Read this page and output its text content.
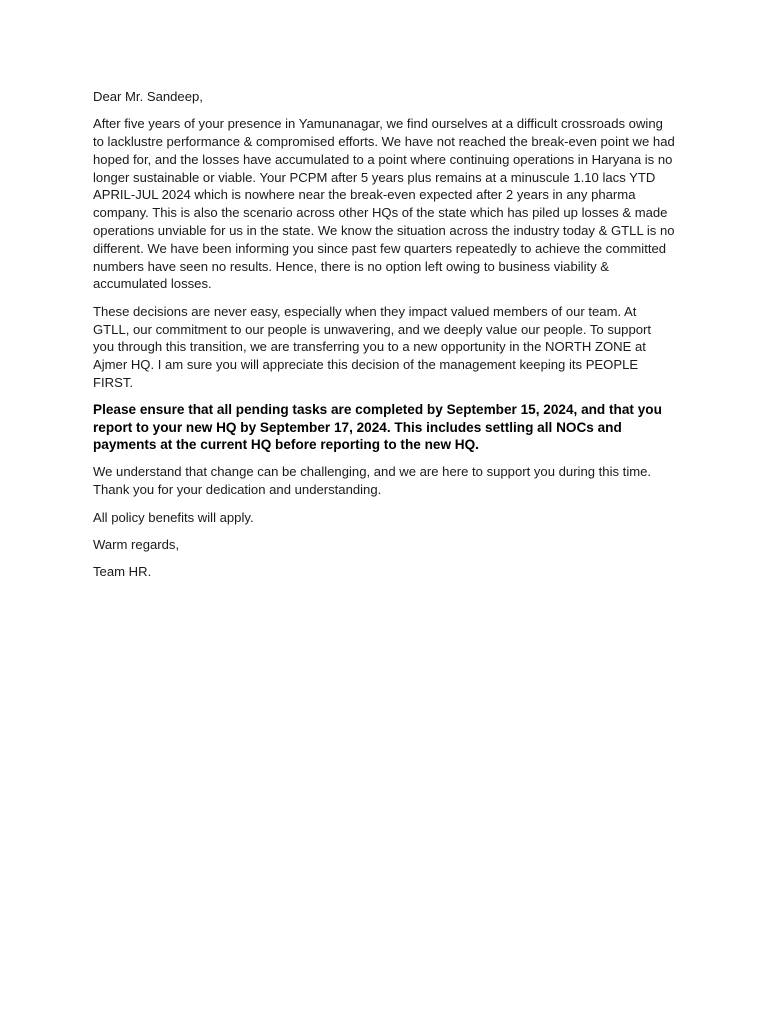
Dear Mr. Sandeep,

After five years of your presence in Yamunanagar, we find ourselves at a difficult crossroads owing to lacklustre performance & compromised efforts. We have not reached the break-even point we had hoped for, and the losses have accumulated to a point where continuing operations in Haryana is no longer sustainable or viable. Your PCPM after 5 years plus remains at a minuscule 1.10 lacs YTD APRIL-JUL 2024 which is nowhere near the break-even expected after 2 years in any pharma company. This is also the scenario across other HQs of the state which has piled up losses & made operations unviable for us in the state. We know the situation across the industry today & GTLL is no different. We have been informing you since past few quarters repeatedly to achieve the committed numbers have seen no results. Hence, there is no option left owing to business viability & accumulated losses.

These decisions are never easy, especially when they impact valued members of our team. At GTLL, our commitment to our people is unwavering, and we deeply value our people. To support you through this transition, we are transferring you to a new opportunity in the NORTH ZONE at Ajmer HQ. I am sure you will appreciate this decision of the management keeping its PEOPLE FIRST.

Please ensure that all pending tasks are completed by September 15, 2024, and that you report to your new HQ by September 17, 2024. This includes settling all NOCs and payments at the current HQ before reporting to the new HQ.

We understand that change can be challenging, and we are here to support you during this time. Thank you for your dedication and understanding.

All policy benefits will apply.

Warm regards,

Team HR.
